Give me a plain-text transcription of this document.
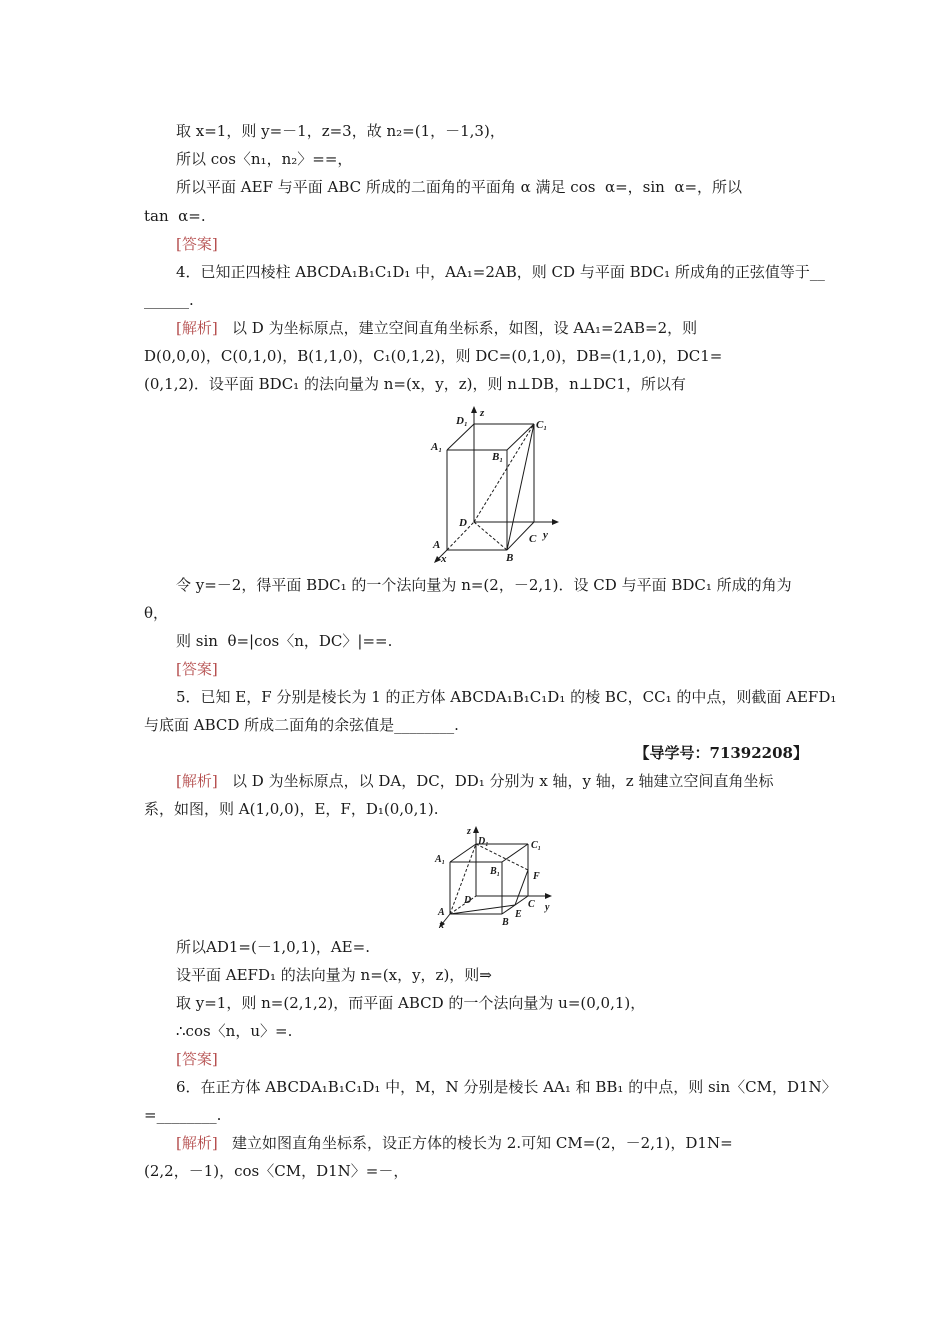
取 x=1，则 y=－1，z=3，故 n₂=(1，－1,3)，
所以 cos〈n₁，n₂〉==，
所以平面 AEF 与平面 ABC 所成的二面角的平面角 α 满足 cos  α=，sin  α=，所以
tan  α=.
[答案]
4．已知正四棱柱 ABCDA₁B₁C₁D₁ 中，AA₁=2AB，则 CD 与平面 BDC₁ 所成角的正弦值等于__
______.
[解析] 以 D 为坐标原点，建立空间直角坐标系，如图，设 AA₁=2AB=2，则
D(0,0,0)，C(0,1,0)，B(1,1,0)，C₁(0,1,2)，则 DC=(0,1,0)，DB=(1,1,0)，DC1=
(0,1,2)．设平面 BDC₁ 的法向量为 n=(x，y，z)，则 n⊥DB，n⊥DC1，所以有
D₁
z
C₁
A₁
B₁
D
y
C
A
B
x
令 y=－2，得平面 BDC₁ 的一个法向量为 n=(2，－2,1)．设 CD 与平面 BDC₁ 所成的角为
θ，
则 sin  θ=|cos〈n，DC〉|==.
[答案]
5．已知 E，F 分别是棱长为 1 的正方体 ABCDA₁B₁C₁D₁ 的棱 BC，CC₁ 的中点，则截面 AEFD₁
与底面 ABCD 所成二面角的余弦值是________.
【导学号：71392208】
[解析] 以 D 为坐标原点，以 DA，DC，DD₁ 分别为 x 轴，y 轴，z 轴建立空间直角坐标
系，如图，则 A(1,0,0)，E，F，D₁(0,0,1).
z
D₁	C₁
A₁
B₁	F
D
A
x	B
E
C y
所以AD1=(－1,0,1)，AE=.
设平面 AEFD₁ 的法向量为 n=(x，y，z)，则⇒
取 y=1，则 n=(2,1,2)，而平面 ABCD 的一个法向量为 u=(0,0,1)，
∴cos〈n，u〉=.
[答案]
6．在正方体 ABCDA₁B₁C₁D₁ 中，M，N 分别是棱长 AA₁ 和 BB₁ 的中点，则 sin〈CM，D1N〉
=________.
[解析] 建立如图直角坐标系，设正方体的棱长为 2.可知 CM=(2，－2,1)，D1N=
(2,2，－1)，cos〈CM，D1N〉=－，
